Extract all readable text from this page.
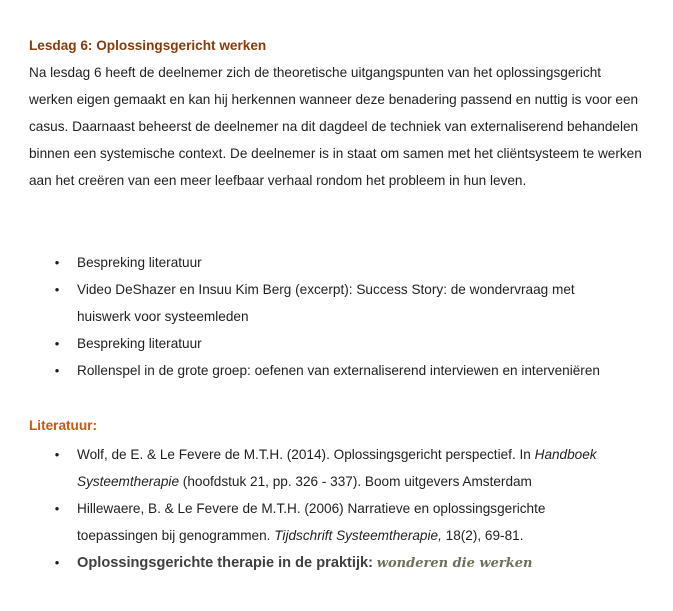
Lesdag 6: Oplossingsgericht werken

Na lesdag 6 heeft de deelnemer zich de theoretische uitgangspunten van het oplossingsgericht werken eigen gemaakt en kan hij herkennen wanneer deze benadering passend en nuttig is voor een casus. Daarnaast beheerst de deelnemer na dit dagdeel de techniek van externaliserend behandelen binnen een systemische context. De deelnemer is in staat om samen met het cliëntsysteem te werken aan het creëren van een meer leefbaar verhaal rondom het probleem in hun leven.

• Bespreking literatuur
• Video DeShazer en Insuu Kim Berg (excerpt): Success Story: de wondervraag met huiswerk voor systeemleden
• Bespreking literatuur
• Rollenspel in de grote groep: oefenen van externaliserend interviewen en interveniëren
Literatuur:
• Wolf, de E. & Le Fevere de M.T.H. (2014). Oplossingsgericht perspectief. In Handboek Systeemtherapie (hoofdstuk 21, pp. 326 - 337). Boom uitgevers Amsterdam
• Hillewaere, B. & Le Fevere de M.T.H. (2006) Narratieve en oplossingsgerichte toepassingen bij genogrammen. Tijdschrift Systeemtherapie, 18(2), 69-81.
• Oplossingsgerichte therapie in de praktijk: wonderen die werken
